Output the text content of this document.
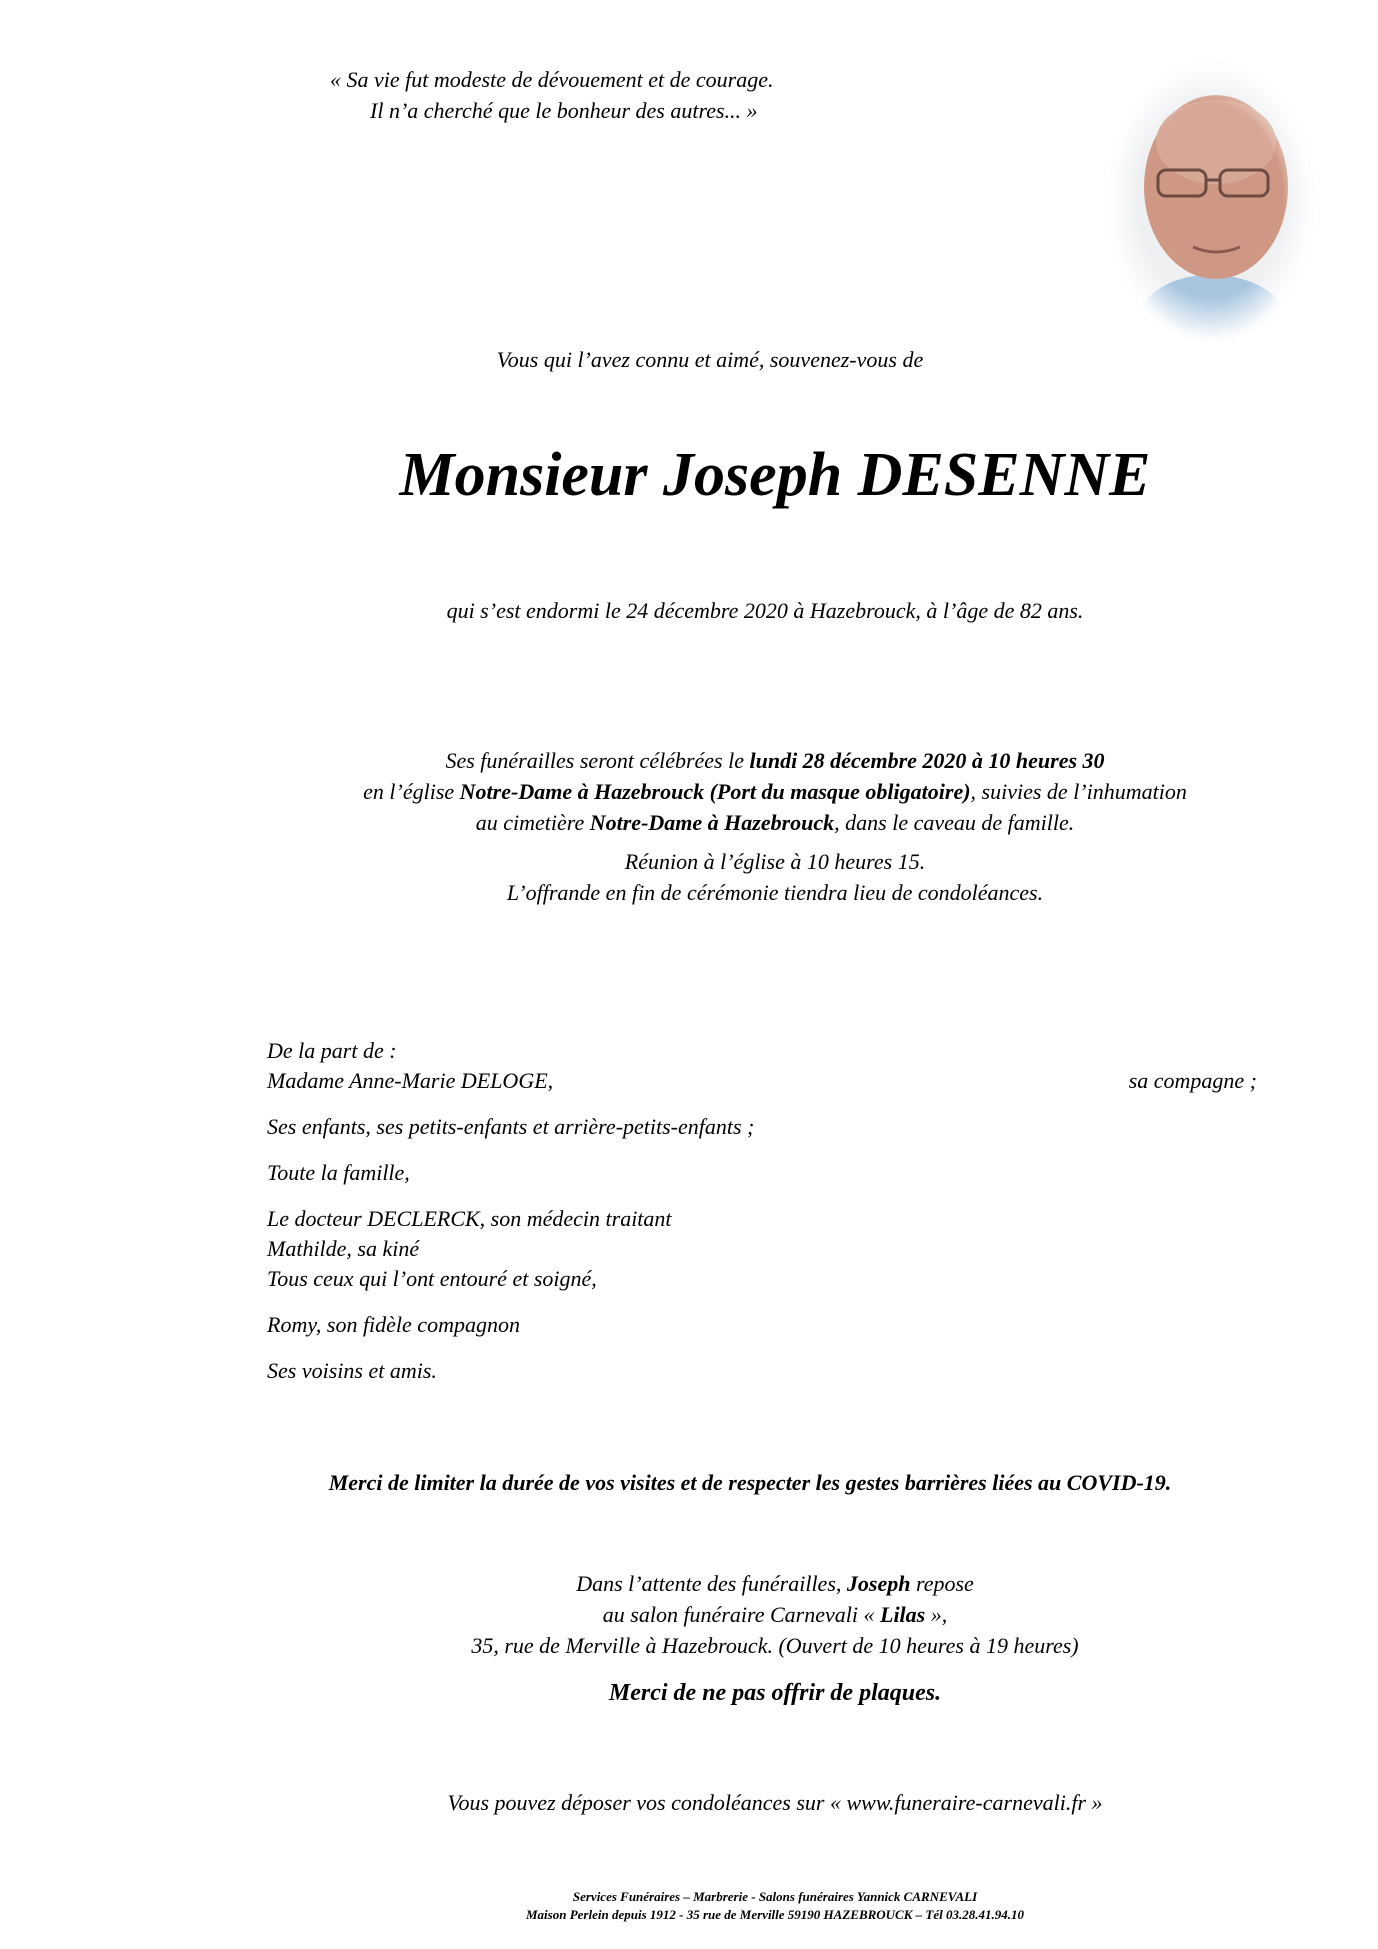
« Sa vie fut modeste de dévouement et de courage.
Il n’a cherché que le bonheur des autres... »
Vous qui l’avez connu et aimé, souvenez-vous de
Monsieur Joseph DESENNE
qui s’est endormi le 24 décembre 2020 à Hazebrouck, à l’âge de 82 ans.
Ses funérailles seront célébrées le lundi 28 décembre 2020 à 10 heures 30
en l’église Notre-Dame à Hazebrouck (Port du masque obligatoire), suivies de l’inhumation
au cimetière Notre-Dame à Hazebrouck, dans le caveau de famille.
Réunion à l’église à 10 heures 15.
L’offrande en fin de cérémonie tiendra lieu de condoléances.
De la part de :
Madame Anne-Marie DELOGE,	sa compagne ;
Ses enfants, ses petits-enfants et arrière-petits-enfants ;
Toute la famille,
Le docteur DECLERCK, son médecin traitant
Mathilde, sa kiné
Tous ceux qui l’ont entouré et soigné,
Romy, son fidèle compagnon
Ses voisins et amis.
Merci de limiter la durée de vos visites et de respecter les gestes barrières liées au COVID-19.
Dans l’attente des funérailles, Joseph repose
au salon funéraire Carnevali « Lilas »,
35, rue de Merville à Hazebrouck. (Ouvert de 10 heures à 19 heures)
Merci de ne pas offrir de plaques.
Vous pouvez déposer vos condoléances sur « www.funeraire-carnevali.fr »
Services Funéraires – Marbrerie - Salons funéraires Yannick CARNEVALI
Maison Perlein depuis 1912 - 35 rue de Merville 59190 HAZEBROUCK – Tél 03.28.41.94.10
